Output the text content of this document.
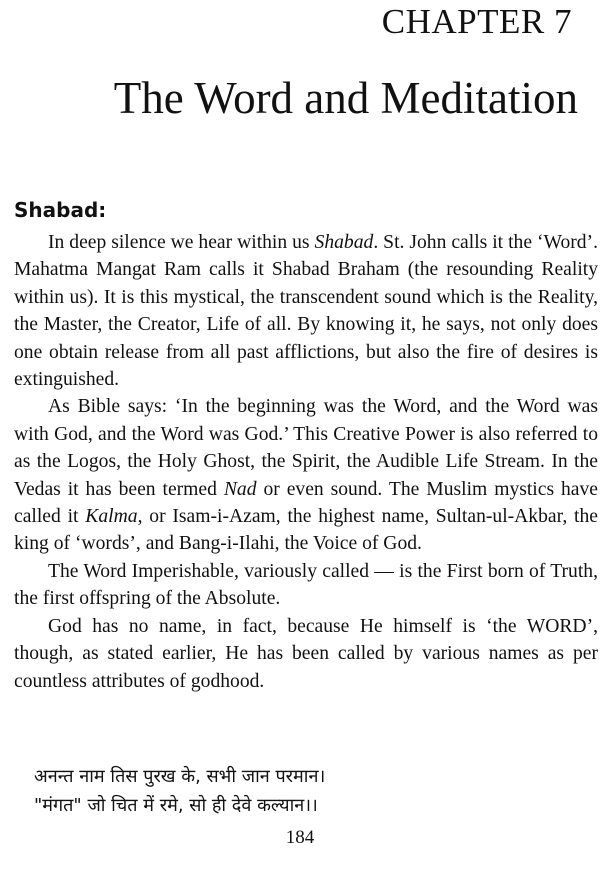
CHAPTER 7
The Word and Meditation
Shabad:

In deep silence we hear within us Shabad. St. John calls it the ‘Word’. Mahatma Mangat Ram calls it Shabad Braham (the resounding Reality within us). It is this mystical, the transcendent sound which is the Reality, the Master, the Creator, Life of all. By knowing it, he says, not only does one obtain release from all past afflictions, but also the fire of desires is extinguished.

As Bible says: ‘In the beginning was the Word, and the Word was with God, and the Word was God.’ This Creative Power is also referred to as the Logos, the Holy Ghost, the Spirit, the Audible Life Stream. In the Vedas it has been termed Nad or even sound. The Muslim mystics have called it Kalma, or Isam-i-Azam, the highest name, Sultan-ul-Akbar, the king of ‘words’, and Bang-i-Ilahi, the Voice of God.

The Word Imperishable, variously called — is the First born of Truth, the first offspring of the Absolute.

God has no name, in fact, because He himself is ‘the WORD’, though, as stated earlier, He has been called by various names as per countless attributes of godhood.

अनन्त नाम तिस पुरख के, सभी जान परमान।
"मंगत" जो चित में रमे, सो ही देवे कल्यान।।
184
